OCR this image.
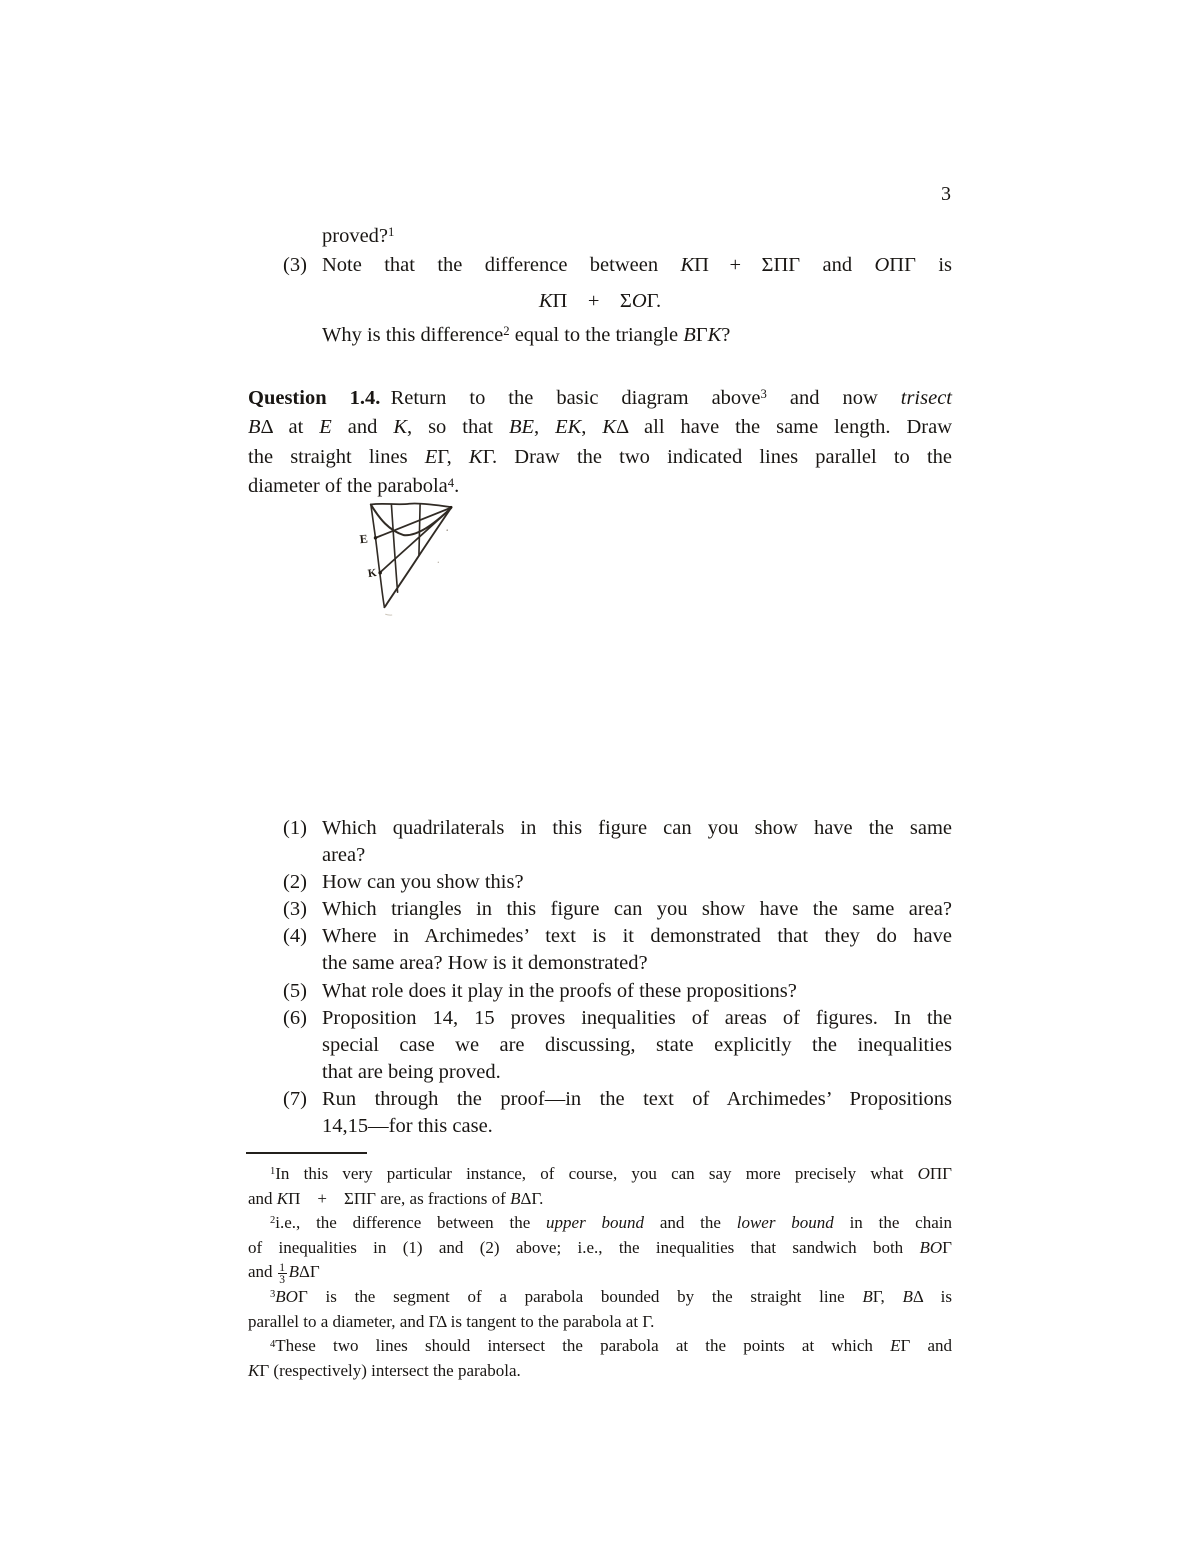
3
proved?$^1$
(3) Note that the difference between KΠ  +  ΣΠΓ and OΠΓ is
KΠ  +  ΣOΓ.
Why is this difference$^2$ equal to the triangle BΓK?
Question 1.4. Return to the basic diagram above$^3$ and now trisect
BΔ at E and K, so that BE, EK, KΔ all have the same length. Draw
the straight lines EΓ, KΓ. Draw the two indicated lines parallel to the
diameter of the parabola$^4$.
E
K
(1) Which quadrilaterals in this figure can you show have the same
area?
(2) How can you show this?
(3) Which triangles in this figure can you show have the same area?
(4) Where in Archimedes’ text is it demonstrated that they do have
the same area? How is it demonstrated?
(5) What role does it play in the proofs of these propositions?
(6) Proposition 14, 15 proves inequalities of areas of figures. In the
special case we are discussing, state explicitly the inequalities
that are being proved.
(7) Run through the proof—in the text of Archimedes’ Propositions
14,15—for this case.
$^1$In this very particular instance, of course, you can say more precisely what OΠΓ
and KΠ  +  ΣΠΓ are, as fractions of BΔΓ.
$^2$i.e., the difference between the upper bound and the lower bound in the chain
of inequalities in (1) and (2) above; i.e., the inequalities that sandwich both BOΓ
and $\frac{1}{3}$ BΔΓ
$^3$BOΓ is the segment of a parabola bounded by the straight line BΓ, BΔ is
parallel to a diameter, and ΓΔ is tangent to the parabola at Γ.
$^4$These two lines should intersect the parabola at the points at which EΓ and
KΓ (respectively) intersect the parabola.
